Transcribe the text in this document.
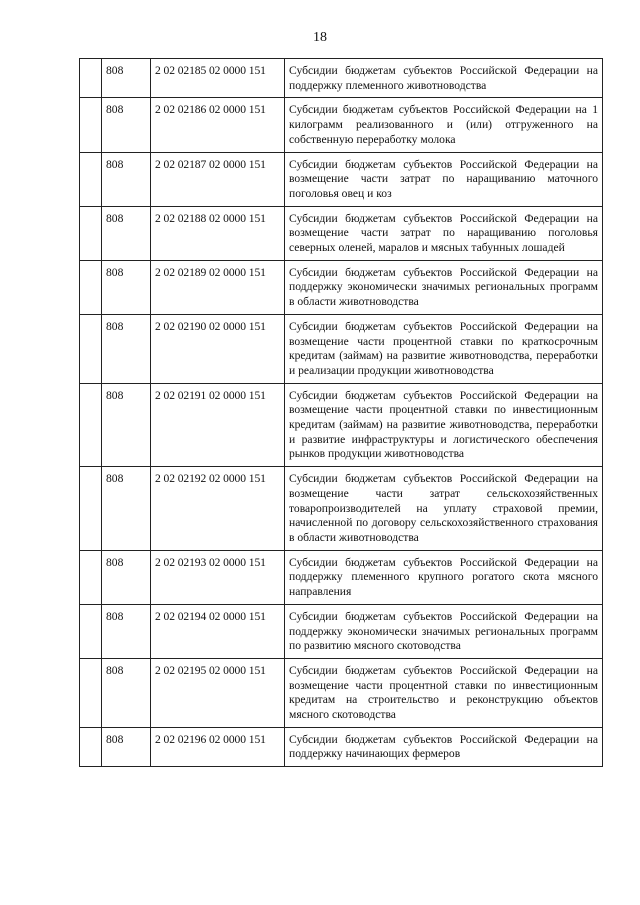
18
	808	2 02 02185 02 0000 151	Субсидии бюджетам субъектов Российской Федерации на поддержку племенного животноводства
	808	2 02 02186 02 0000 151	Субсидии бюджетам субъектов Российской Федерации на 1 килограмм реализованного и (или) отгруженного на собственную переработку молока
	808	2 02 02187 02 0000 151	Субсидии бюджетам субъектов Российской Федерации на возмещение части затрат по наращиванию маточного поголовья овец и коз
	808	2 02 02188 02 0000 151	Субсидии бюджетам субъектов Российской Федерации на возмещение части затрат по наращиванию поголовья северных оленей, маралов и мясных табунных лошадей
	808	2 02 02189 02 0000 151	Субсидии бюджетам субъектов Российской Федерации на поддержку экономически значимых региональных программ в области животноводства
	808	2 02 02190 02 0000 151	Субсидии бюджетам субъектов Российской Федерации на возмещение части процентной ставки по краткосрочным кредитам (займам) на развитие животноводства, переработки и реализации продукции животноводства
	808	2 02 02191 02 0000 151	Субсидии бюджетам субъектов Российской Федерации на возмещение части процентной ставки по инвестиционным кредитам (займам) на развитие животноводства, переработки и развитие инфраструктуры и логистического обеспечения рынков продукции животноводства
	808	2 02 02192 02 0000 151	Субсидии бюджетам субъектов Российской Федерации на возмещение части затрат сельскохозяйственных товаропроизводителей на уплату страховой премии, начисленной по договору сельскохозяйственного страхования в области животноводства
	808	2 02 02193 02 0000 151	Субсидии бюджетам субъектов Российской Федерации на поддержку племенного крупного рогатого скота мясного направления
	808	2 02 02194 02 0000 151	Субсидии бюджетам субъектов Российской Федерации на поддержку экономически значимых региональных программ по развитию мясного скотоводства
	808	2 02 02195 02 0000 151	Субсидии бюджетам субъектов Российской Федерации на возмещение части процентной ставки по инвестиционным кредитам на строительство и реконструкцию объектов мясного скотоводства
	808	2 02 02196 02 0000 151	Субсидии бюджетам субъектов Российской Федерации на поддержку начинающих фермеров
